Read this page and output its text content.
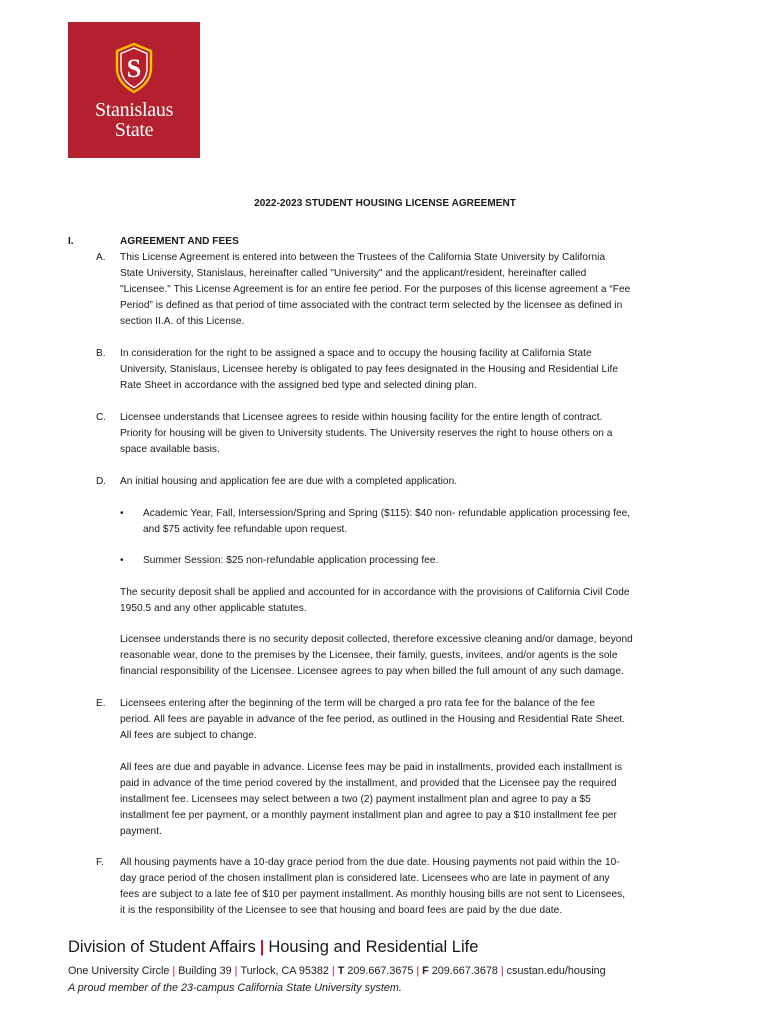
S
Stanislaus
State
2022-2023 STUDENT HOUSING LICENSE AGREEMENT
I.	AGREEMENT AND FEES
A. This License Agreement is entered into between the Trustees of the California State University by California
State University, Stanislaus, hereinafter called "University" and the applicant/resident, hereinafter called
"Licensee." This License Agreement is for an entire fee period. For the purposes of this license agreement a “Fee
Period” is defined as that period of time associated with the contract term selected by the licensee as defined in
section II.A. of this License.
B. In consideration for the right to be assigned a space and to occupy the housing facility at California State
University, Stanislaus, Licensee hereby is obligated to pay fees designated in the Housing and Residential Life
Rate Sheet in accordance with the assigned bed type and selected dining plan.
C. Licensee understands that Licensee agrees to reside within housing facility for the entire length of contract.
Priority for housing will be given to University students. The University reserves the right to house others on a
space available basis.
D. An initial housing and application fee are due with a completed application.
• Academic Year, Fall, Intersession/Spring and Spring ($115): $40 non- refundable application processing fee,
and $75 activity fee refundable upon request.
• Summer Session: $25 non-refundable application processing fee.
The security deposit shall be applied and accounted for in accordance with the provisions of California Civil Code
1950.5 and any other applicable statutes.
Licensee understands there is no security deposit collected, therefore excessive cleaning and/or damage, beyond
reasonable wear, done to the premises by the Licensee, their family, guests, invitees, and/or agents is the sole
financial responsibility of the Licensee. Licensee agrees to pay when billed the full amount of any such damage.
E. Licensees entering after the beginning of the term will be charged a pro rata fee for the balance of the fee
period. All fees are payable in advance of the fee period, as outlined in the Housing and Residential Rate Sheet.
All fees are subject to change.
All fees are due and payable in advance. License fees may be paid in installments, provided each installment is
paid in advance of the time period covered by the installment, and provided that the Licensee pay the required
installment fee. Licensees may select between a two (2) payment installment plan and agree to pay a $5
installment fee per payment, or a monthly payment installment plan and agree to pay a $10 installment fee per
payment.
F. All housing payments have a 10-day grace period from the due date. Housing payments not paid within the 10-
day grace period of the chosen installment plan is considered late. Licensees who are late in payment of any
fees are subject to a late fee of $10 per payment installment. As monthly housing bills are not sent to Licensees,
it is the responsibility of the Licensee to see that housing and board fees are paid by the due date.
Division of Student Affairs | Housing and Residential Life
One University Circle | Building 39 | Turlock, CA 95382 | T 209.667.3675 | F 209.667.3678 | csustan.edu/housing
A proud member of the 23-campus California State University system.
